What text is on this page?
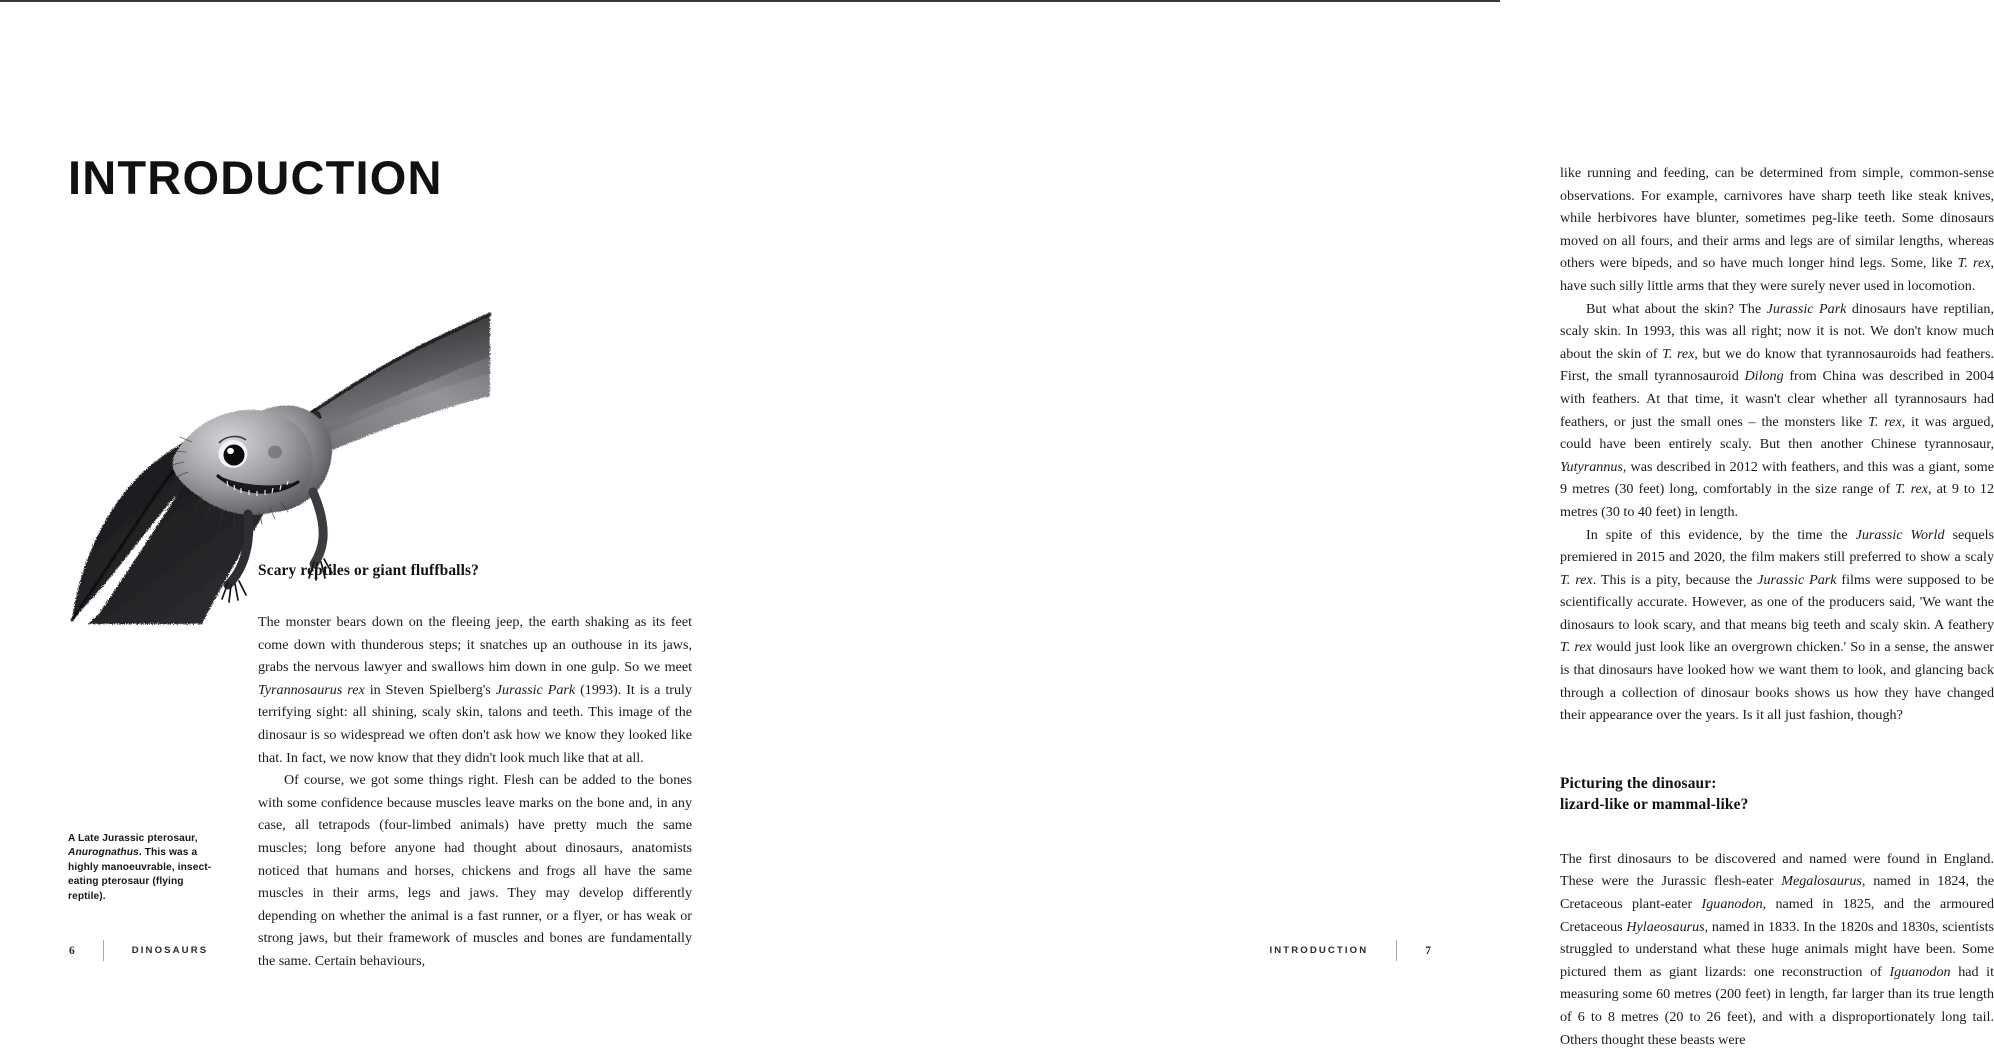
INTRODUCTION
A Late Jurassic pterosaur, Anurognathus. This was a highly manoeuvrable, insect-eating pterosaur (flying reptile).
Scary reptiles or giant fluffballs?

The monster bears down on the fleeing jeep, the earth shaking as its feet come down with thunderous steps; it snatches up an outhouse in its jaws, grabs the nervous lawyer and swallows him down in one gulp. So we meet Tyrannosaurus rex in Steven Spielberg's Jurassic Park (1993). It is a truly terrifying sight: all shining, scaly skin, talons and teeth. This image of the dinosaur is so widespread we often don't ask how we know they looked like that. In fact, we now know that they didn't look much like that at all.

Of course, we got some things right. Flesh can be added to the bones with some confidence because muscles leave marks on the bone and, in any case, all tetrapods (four-limbed animals) have pretty much the same muscles; long before anyone had thought about dinosaurs, anatomists noticed that humans and horses, chickens and frogs all have the same muscles in their arms, legs and jaws. They may develop differently depending on whether the animal is a fast runner, or a flyer, or has weak or strong jaws, but their framework of muscles and bones are fundamentally the same. Certain behaviours,

6	DINOSAURS

like running and feeding, can be determined from simple, common-sense observations. For example, carnivores have sharp teeth like steak knives, while herbivores have blunter, sometimes peg-like teeth. Some dinosaurs moved on all fours, and their arms and legs are of similar lengths, whereas others were bipeds, and so have much longer hind legs. Some, like T. rex, have such silly little arms that they were surely never used in locomotion.

But what about the skin? The Jurassic Park dinosaurs have reptilian, scaly skin. In 1993, this was all right; now it is not. We don't know much about the skin of T. rex, but we do know that tyrannosauroids had feathers. First, the small tyrannosauroid Dilong from China was described in 2004 with feathers. At that time, it wasn't clear whether all tyrannosaurs had feathers, or just the small ones – the monsters like T. rex, it was argued, could have been entirely scaly. But then another Chinese tyrannosaur, Yutyrannus, was described in 2012 with feathers, and this was a giant, some 9 metres (30 feet) long, comfortably in the size range of T. rex, at 9 to 12 metres (30 to 40 feet) in length.

In spite of this evidence, by the time the Jurassic World sequels premiered in 2015 and 2020, the film makers still preferred to show a scaly T. rex. This is a pity, because the Jurassic Park films were supposed to be scientifically accurate. However, as one of the producers said, 'We want the dinosaurs to look scary, and that means big teeth and scaly skin. A feathery T. rex would just look like an overgrown chicken.' So in a sense, the answer is that dinosaurs have looked how we want them to look, and glancing back through a collection of dinosaur books shows us how they have changed their appearance over the years. Is it all just fashion, though?

Picturing the dinosaur:
lizard-like or mammal-like?

The first dinosaurs to be discovered and named were found in England. These were the Jurassic flesh-eater Megalosaurus, named in 1824, the Cretaceous plant-eater Iguanodon, named in 1825, and the armoured Cretaceous Hylaeosaurus, named in 1833. In the 1820s and 1830s, scientists struggled to understand what these huge animals might have been. Some pictured them as giant lizards: one reconstruction of Iguanodon had it measuring some 60 metres (200 feet) in length, far larger than its true length of 6 to 8 metres (20 to 26 feet), and with a disproportionately long tail. Others thought these beasts were

INTRODUCTION	7
